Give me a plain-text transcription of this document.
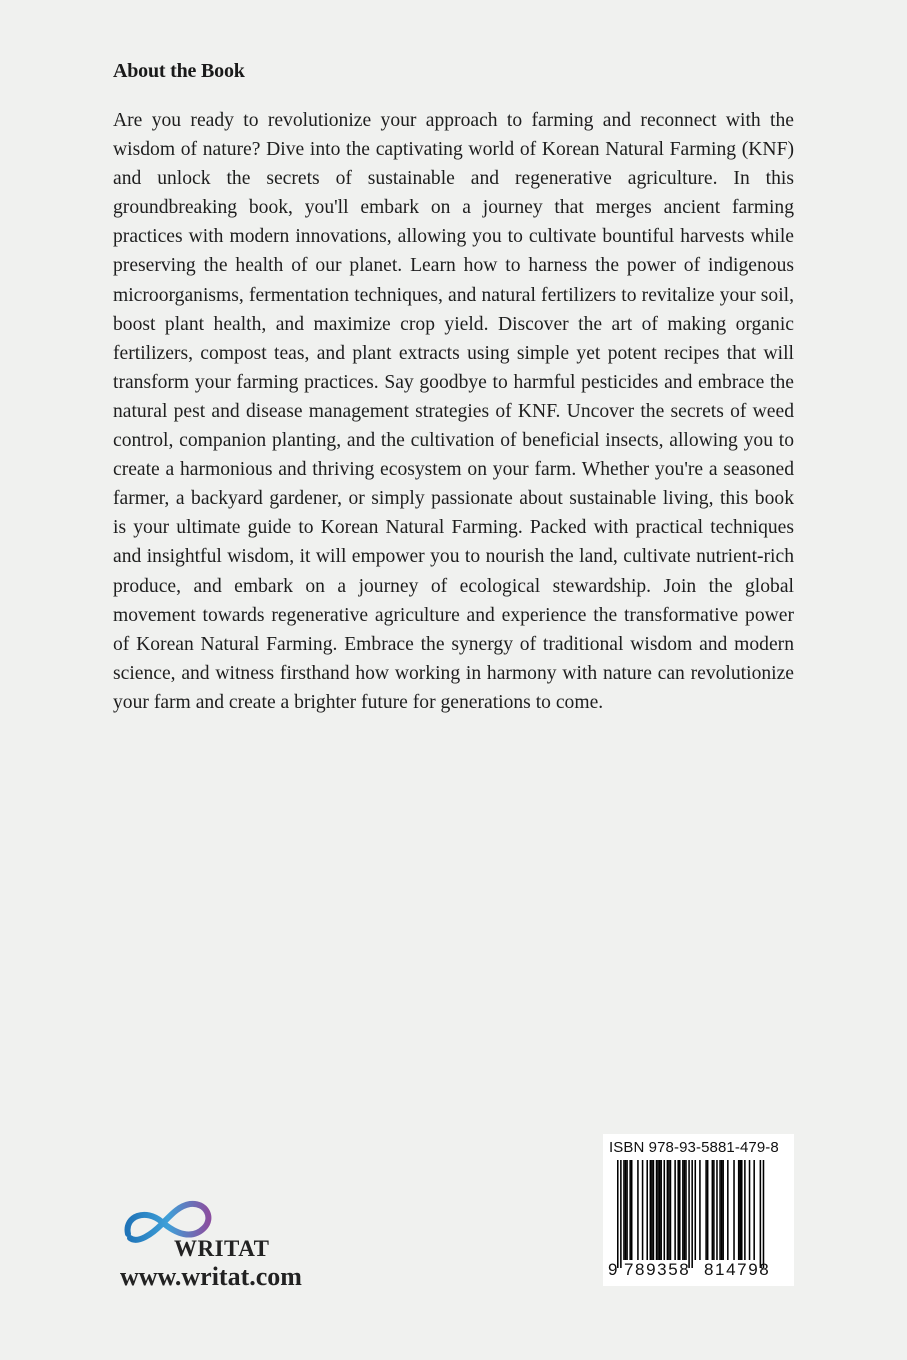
About the Book

Are you ready to revolutionize your approach to farming and reconnect with the wisdom of nature? Dive into the captivating world of Korean Natural Farming (KNF) and unlock the secrets of sustainable and regenerative agriculture. In this groundbreaking book, you'll embark on a journey that merges ancient farming practices with modern innovations, allowing you to cultivate bountiful harvests while preserving the health of our planet. Learn how to harness the power of indigenous microorganisms, fermentation techniques, and natural fertilizers to revitalize your soil, boost plant health, and maximize crop yield. Discover the art of making organic fertilizers, compost teas, and plant extracts using simple yet potent recipes that will transform your farming practices. Say goodbye to harmful pesticides and embrace the natural pest and disease management strategies of KNF. Uncover the secrets of weed control, companion planting, and the cultivation of beneficial insects, allowing you to create a harmonious and thriving ecosystem on your farm. Whether you're a seasoned farmer, a backyard gardener, or simply passionate about sustainable living, this book is your ultimate guide to Korean Natural Farming. Packed with practical techniques and insightful wisdom, it will empower you to nourish the land, cultivate nutrient-rich produce, and embark on a journey of ecological stewardship. Join the global movement towards regenerative agriculture and experience the transformative power of Korean Natural Farming. Embrace the synergy of traditional wisdom and modern science, and witness firsthand how working in harmony with nature can revolutionize your farm and create a brighter future for generations to come.

WRITAT
www.writat.com
ISBN 978-93-5881-479-8
9 789358 814798
